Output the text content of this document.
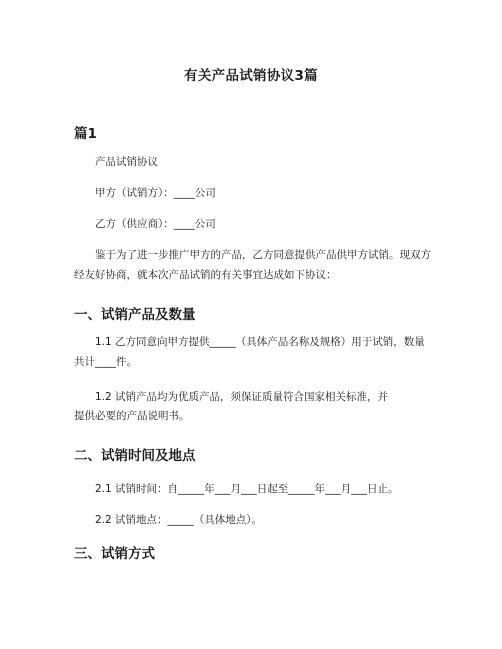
有关产品试销协议3篇
篇1
产品试销协议
甲方（试销方）：____公司
乙方（供应商）：____公司
鉴于为了进一步推广甲方的产品，乙方同意提供产品供甲方试销。现双方经友好协商，就本次产品试销的有关事宜达成如下协议：
一、试销产品及数量
1.1 乙方同意向甲方提供_____（具体产品名称及规格）用于试销，数量共计____件。
1.2 试销产品均为优质产品，须保证质量符合国家相关标准，并
提供必要的产品说明书。
二、试销时间及地点
2.1 试销时间：自_____年___月___日起至_____年___月___日止。
2.2 试销地点：_____（具体地点）。
三、试销方式
